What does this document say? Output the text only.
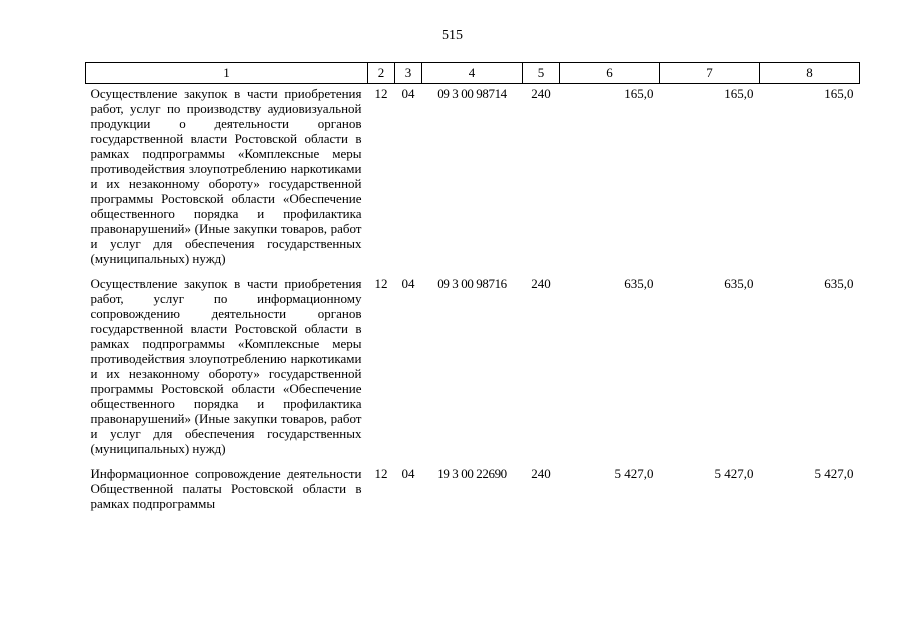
515
1	2	3	4	5	6	7	8
Осуществление закупок в части приобретения работ, услуг по производству аудиовизуальной продукции о деятельности органов государственной власти Ростовской области в рамках подпрограммы «Комплексные меры противодействия злоупотреблению наркотиками и их незаконному обороту» государственной программы Ростовской области «Обеспечение общественного порядка и профилактика правонарушений» (Иные закупки товаров, работ и услуг для обеспечения государственных (муниципальных) нужд)	12	04	09 3 00 98714	240	165,0	165,0	165,0
Осуществление закупок в части приобретения работ, услуг по информационному сопровождению деятельности органов государственной власти Ростовской области в рамках подпрограммы «Комплексные меры противодействия злоупотреблению наркотиками и их незаконному обороту» государственной программы Ростовской области «Обеспечение общественного порядка и профилактика правонарушений» (Иные закупки товаров, работ и услуг для обеспечения государственных (муниципальных) нужд)	12	04	09 3 00 98716	240	635,0	635,0	635,0
Информационное сопровождение деятельности Общественной палаты Ростовской области в рамках подпрограммы	12	04	19 3 00 22690	240	5 427,0	5 427,0	5 427,0
